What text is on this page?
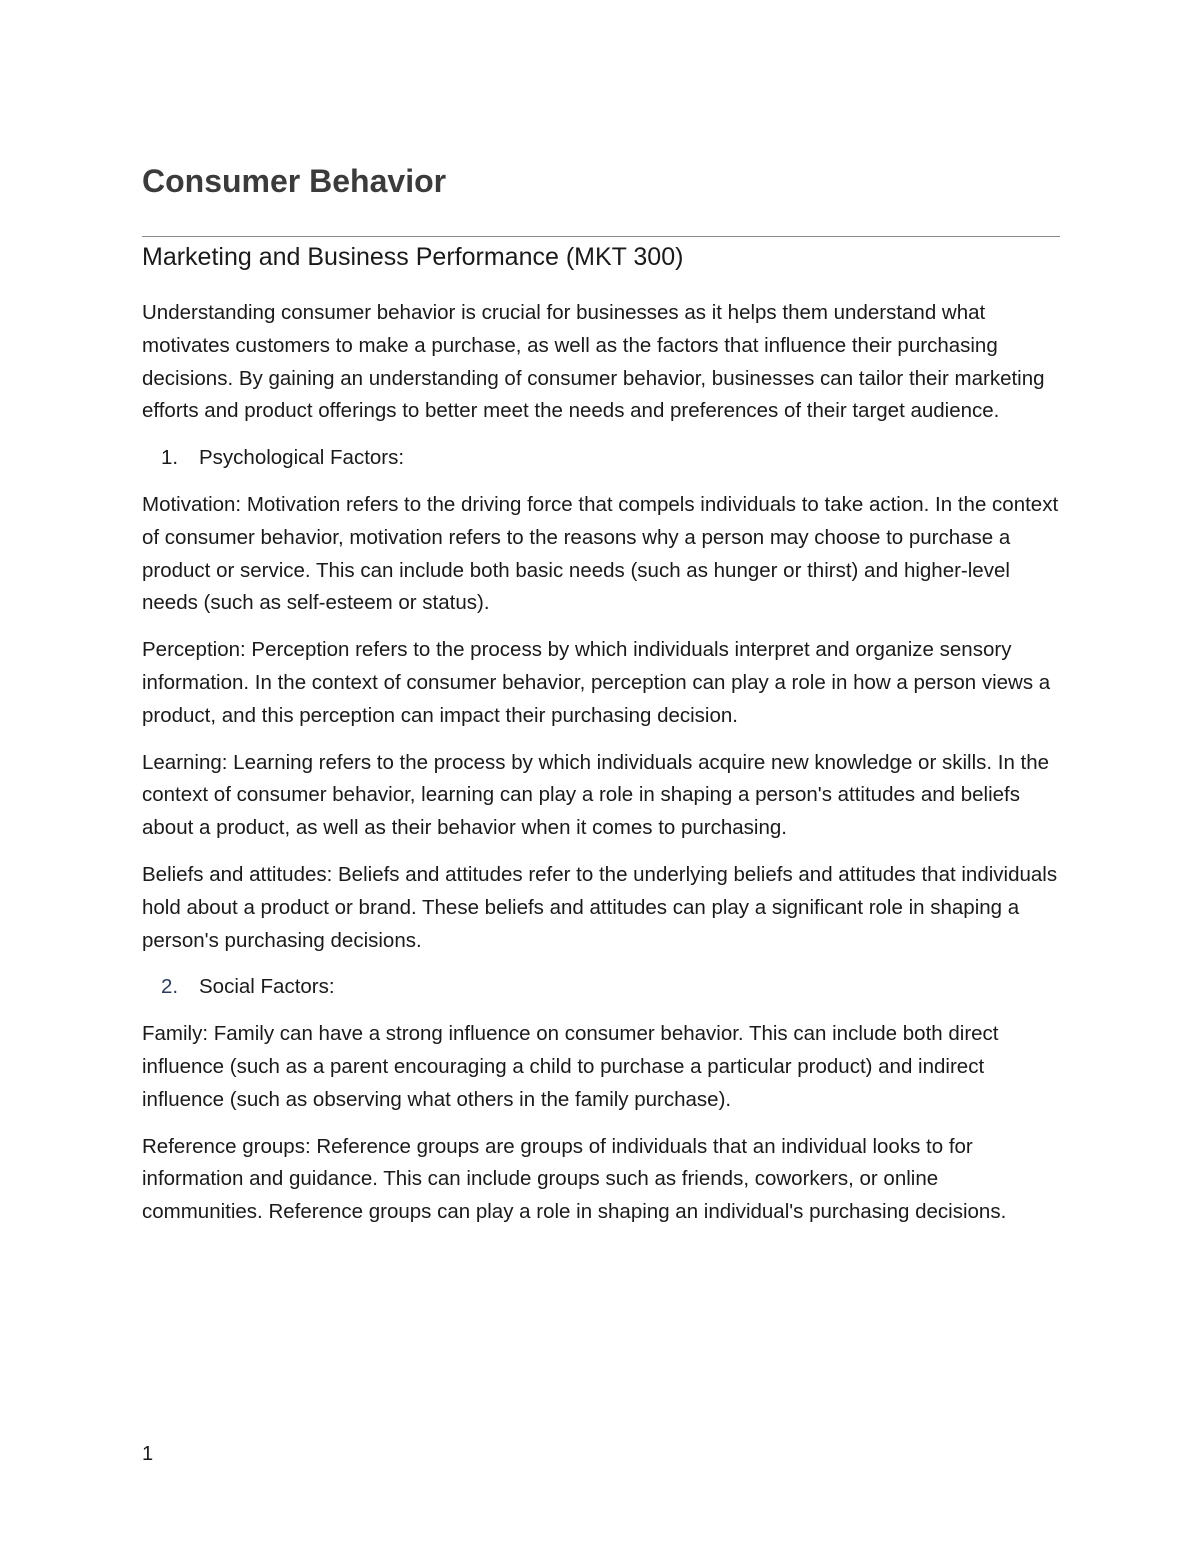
Consumer Behavior
Marketing and Business Performance (MKT 300)

Understanding consumer behavior is crucial for businesses as it helps them understand what motivates customers to make a purchase, as well as the factors that influence their purchasing decisions. By gaining an understanding of consumer behavior, businesses can tailor their marketing efforts and product offerings to better meet the needs and preferences of their target audience.

1. Psychological Factors:

Motivation: Motivation refers to the driving force that compels individuals to take action. In the context of consumer behavior, motivation refers to the reasons why a person may choose to purchase a product or service. This can include both basic needs (such as hunger or thirst) and higher-level needs (such as self-esteem or status).

Perception: Perception refers to the process by which individuals interpret and organize sensory information. In the context of consumer behavior, perception can play a role in how a person views a product, and this perception can impact their purchasing decision.

Learning: Learning refers to the process by which individuals acquire new knowledge or skills. In the context of consumer behavior, learning can play a role in shaping a person's attitudes and beliefs about a product, as well as their behavior when it comes to purchasing.

Beliefs and attitudes: Beliefs and attitudes refer to the underlying beliefs and attitudes that individuals hold about a product or brand. These beliefs and attitudes can play a significant role in shaping a person's purchasing decisions.

2. Social Factors:

Family: Family can have a strong influence on consumer behavior. This can include both direct influence (such as a parent encouraging a child to purchase a particular product) and indirect influence (such as observing what others in the family purchase).

Reference groups: Reference groups are groups of individuals that an individual looks to for information and guidance. This can include groups such as friends, coworkers, or online communities. Reference groups can play a role in shaping an individual's purchasing decisions.

1
